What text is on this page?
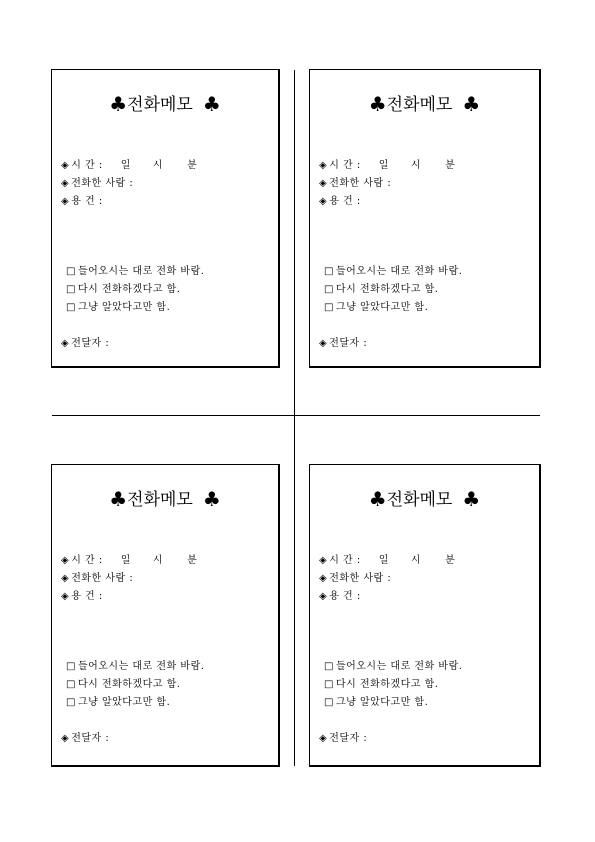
♣전화메모 ♣
◈ 시 간 : 일 시 분
◈ 전화한 사람 :
◈ 용 건 :
□ 들어오시는 대로 전화 바람.
□ 다시 전화하겠다고 함.
□ 그냥 알았다고만 함.
◈ 전달자 :
♣전화메모 ♣
◈ 시 간 : 일 시 분
◈ 전화한 사람 :
◈ 용 건 :
□ 들어오시는 대로 전화 바람.
□ 다시 전화하겠다고 함.
□ 그냥 알았다고만 함.
◈ 전달자 :
♣전화메모 ♣
◈ 시 간 : 일 시 분
◈ 전화한 사람 :
◈ 용 건 :
□ 들어오시는 대로 전화 바람.
□ 다시 전화하겠다고 함.
□ 그냥 알았다고만 함.
◈ 전달자 :
♣전화메모 ♣
◈ 시 간 : 일 시 분
◈ 전화한 사람 :
◈ 용 건 :
□ 들어오시는 대로 전화 바람.
□ 다시 전화하겠다고 함.
□ 그냥 알았다고만 함.
◈ 전달자 :
